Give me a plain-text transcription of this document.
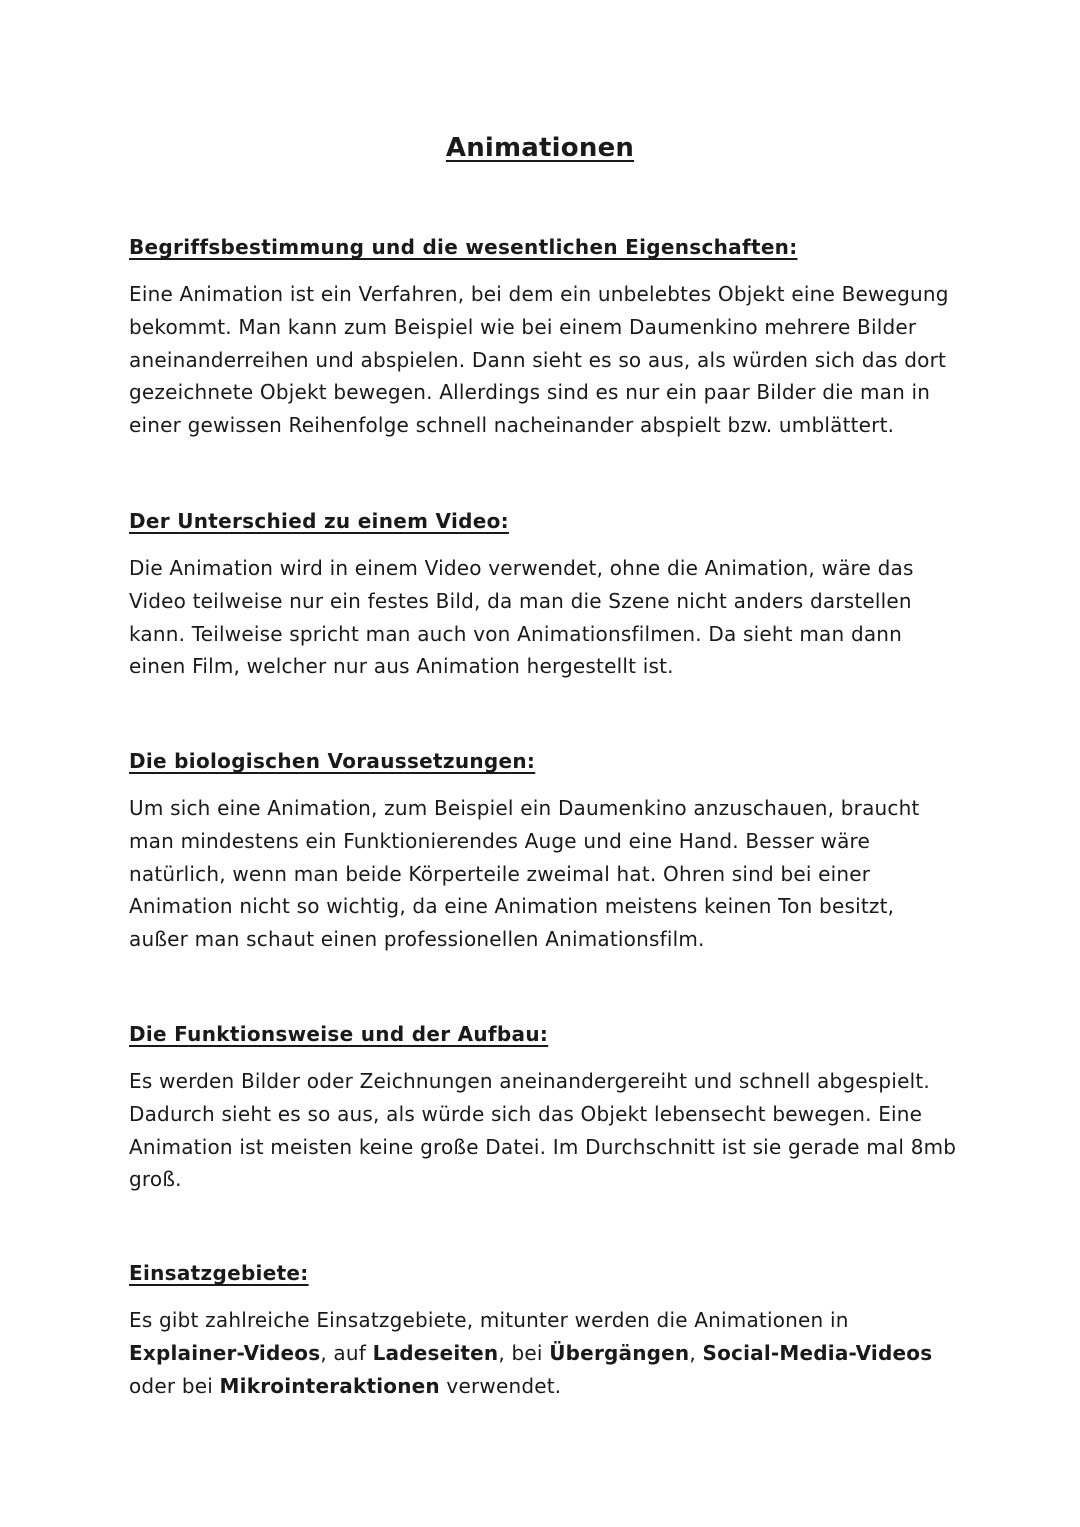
Animationen
Begriffsbestimmung und die wesentlichen Eigenschaften:

Eine Animation ist ein Verfahren, bei dem ein unbelebtes Objekt eine Bewegung bekommt. Man kann zum Beispiel wie bei einem Daumenkino mehrere Bilder aneinanderreihen und abspielen. Dann sieht es so aus, als würden sich das dort gezeichnete Objekt bewegen. Allerdings sind es nur ein paar Bilder die man in einer gewissen Reihenfolge schnell nacheinander abspielt bzw. umblättert.

Der Unterschied zu einem Video:

Die Animation wird in einem Video verwendet, ohne die Animation, wäre das Video teilweise nur ein festes Bild, da man die Szene nicht anders darstellen kann. Teilweise spricht man auch von Animationsfilmen. Da sieht man dann einen Film, welcher nur aus Animation hergestellt ist.

Die biologischen Voraussetzungen:

Um sich eine Animation, zum Beispiel ein Daumenkino anzuschauen, braucht man mindestens ein Funktionierendes Auge und eine Hand. Besser wäre natürlich, wenn man beide Körperteile zweimal hat. Ohren sind bei einer Animation nicht so wichtig, da eine Animation meistens keinen Ton besitzt, außer man schaut einen professionellen Animationsfilm.

Die Funktionsweise und der Aufbau:

Es werden Bilder oder Zeichnungen aneinandergereiht und schnell abgespielt. Dadurch sieht es so aus, als würde sich das Objekt lebensecht bewegen. Eine Animation ist meisten keine große Datei. Im Durchschnitt ist sie gerade mal 8mb groß.

Einsatzgebiete:

Es gibt zahlreiche Einsatzgebiete, mitunter werden die Animationen in Explainer-Videos, auf Ladeseiten, bei Übergängen, Social-Media-Videos oder bei Mikrointeraktionen verwendet.
